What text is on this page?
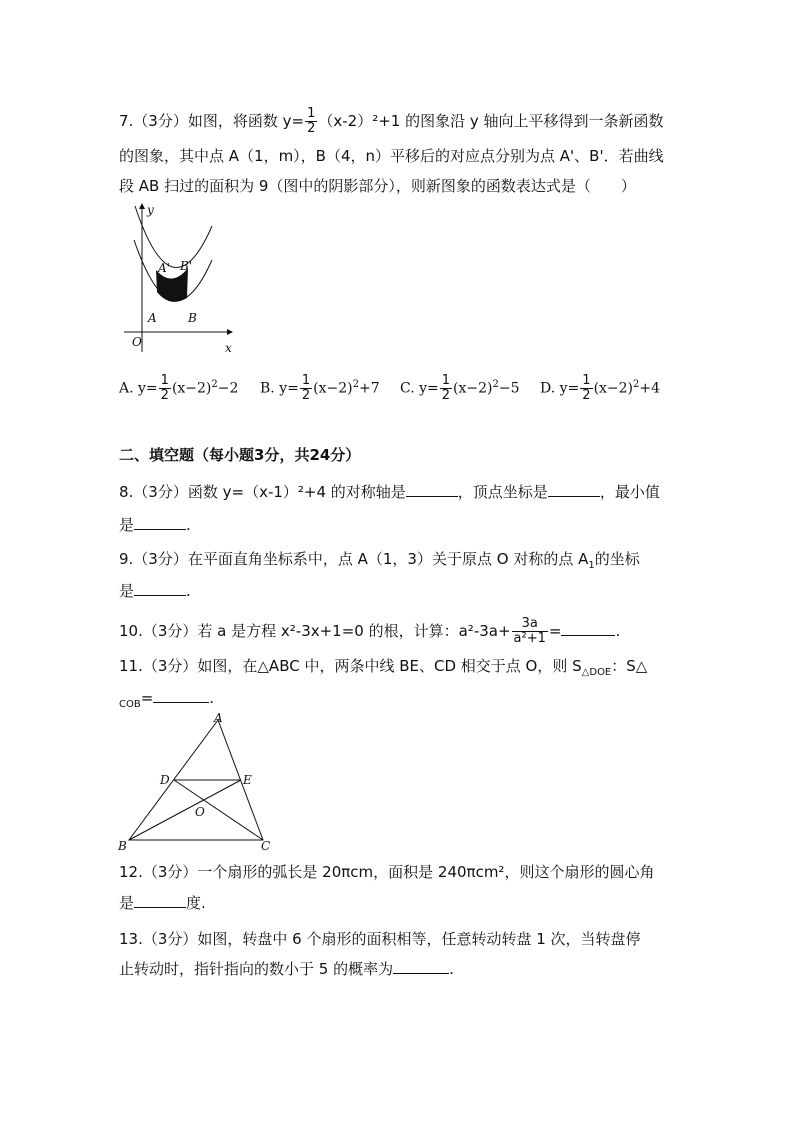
7.（3分）如图，将函数 $y= \frac{1}{2} (x-2)^2+1$ 的图象沿 y 轴向上平移得到一条新函数
的图象，其中点 A（1，m），B（4，n）平移后的对应点分别为点 A'、B'．若曲线
段 AB 扫过的面积为 9（图中的阴影部分），则新图象的函数表达式是（　　）
y
x
O
A	B
A' B'
A. $y= \frac{1}{2} (x-2)^2-2$ B. $y= \frac{1}{2} (x-2)^2+7$ C. $y= \frac{1}{2} (x-2)^2-5$ D. $y= \frac{1}{2} (x-2)^2+4$
二、填空题（每小题3分，共24分）
8.（3分）函数 y=（x-1）²+4 的对称轴是	，顶点坐标是	，最小值
是	.
9.（3分）在平面直角坐标系中，点 A（1，3）关于原点 O 对称的点 $A_1$的坐标
是	.
10.（3分）若 a 是方程 x²-3x+1=0 的根，计算：$a^2-3a+ \frac{3a}{\text{a²+1}}$ =	.
11.（3分）如图，在△ABC 中，两条中线 BE、CD 相交于点 O，则 $S_{\triangle DOE}$：S△
$_{COB}$=	.
A
B	C
D	E
O
12.（3分）一个扇形的弧长是 20πcm，面积是 240πcm²，则这个扇形的圆心角
是	度.
13.（3分）如图，转盘中 6 个扇形的面积相等，任意转动转盘 1 次，当转盘停
止转动时，指针指向的数小于 5 的概率为	.
